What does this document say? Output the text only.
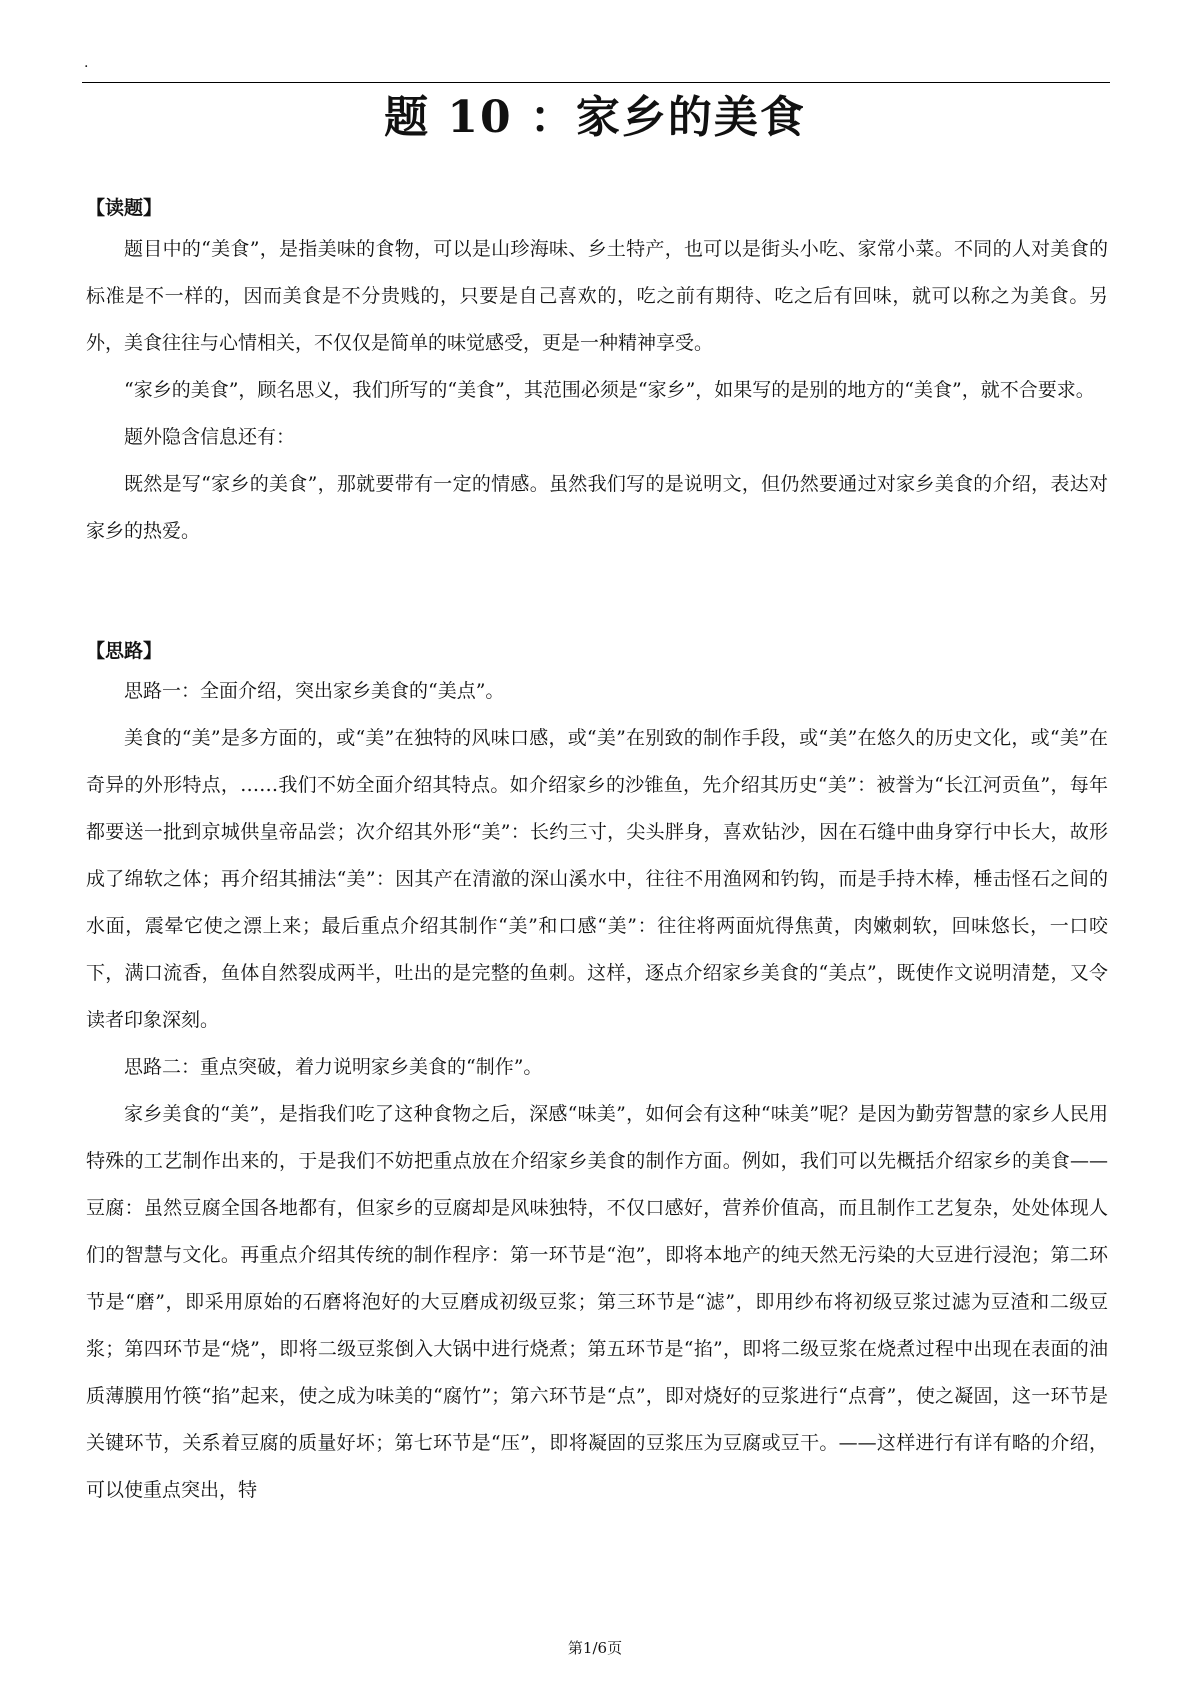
.
题 10 ：家乡的美食
【读题】

题目中的“美食”，是指美味的食物，可以是山珍海味、乡土特产，也可以是街头小吃、家常小菜。不同的人对美食的标准是不一样的，因而美食是不分贵贱的，只要是自己喜欢的，吃之前有期待、吃之后有回味，就可以称之为美食。另外，美食往往与心情相关，不仅仅是简单的味觉感受，更是一种精神享受。

“家乡的美食”，顾名思义，我们所写的“美食”，其范围必须是“家乡”，如果写的是别的地方的“美食”，就不合要求。

题外隐含信息还有：

既然是写“家乡的美食”，那就要带有一定的情感。虽然我们写的是说明文，但仍然要通过对家乡美食的介绍，表达对家乡的热爱。

【思路】

思路一：全面介绍，突出家乡美食的“美点”。

美食的“美”是多方面的，或“美”在独特的风味口感，或“美”在别致的制作手段，或“美”在悠久的历史文化，或“美”在奇异的外形特点，……我们不妨全面介绍其特点。如介绍家乡的沙锥鱼，先介绍其历史“美”：被誉为“长江河贡鱼”，每年都要送一批到京城供皇帝品尝；次介绍其外形“美”：长约三寸，尖头胖身，喜欢钻沙，因在石缝中曲身穿行中长大，故形成了绵软之体；再介绍其捕法“美”：因其产在清澈的深山溪水中，往往不用渔网和钓钩，而是手持木棒，棰击怪石之间的水面，震晕它使之漂上来；最后重点介绍其制作“美”和口感“美”：往往将两面炕得焦黄，肉嫩刺软，回味悠长，一口咬下，满口流香，鱼体自然裂成两半，吐出的是完整的鱼刺。这样，逐点介绍家乡美食的“美点”，既使作文说明清楚，又令读者印象深刻。

思路二：重点突破，着力说明家乡美食的“制作”。

家乡美食的“美”，是指我们吃了这种食物之后，深感“味美”，如何会有这种“味美”呢？是因为勤劳智慧的家乡人民用特殊的工艺制作出来的，于是我们不妨把重点放在介绍家乡美食的制作方面。例如，我们可以先概括介绍家乡的美食——豆腐：虽然豆腐全国各地都有，但家乡的豆腐却是风味独特，不仅口感好，营养价值高，而且制作工艺复杂，处处体现人们的智慧与文化。再重点介绍其传统的制作程序：第一环节是“泡”，即将本地产的纯天然无污染的大豆进行浸泡；第二环节是“磨”，即采用原始的石磨将泡好的大豆磨成初级豆浆；第三环节是“滤”，即用纱布将初级豆浆过滤为豆渣和二级豆浆；第四环节是“烧”，即将二级豆浆倒入大锅中进行烧煮；第五环节是“掐”，即将二级豆浆在烧煮过程中出现在表面的油质薄膜用竹筷“掐”起来，使之成为味美的“腐竹”；第六环节是“点”，即对烧好的豆浆进行“点膏”，使之凝固，这一环节是关键环节，关系着豆腐的质量好坏；第七环节是“压”，即将凝固的豆浆压为豆腐或豆干。——这样进行有详有略的介绍，可以使重点突出，特

第1/6页
